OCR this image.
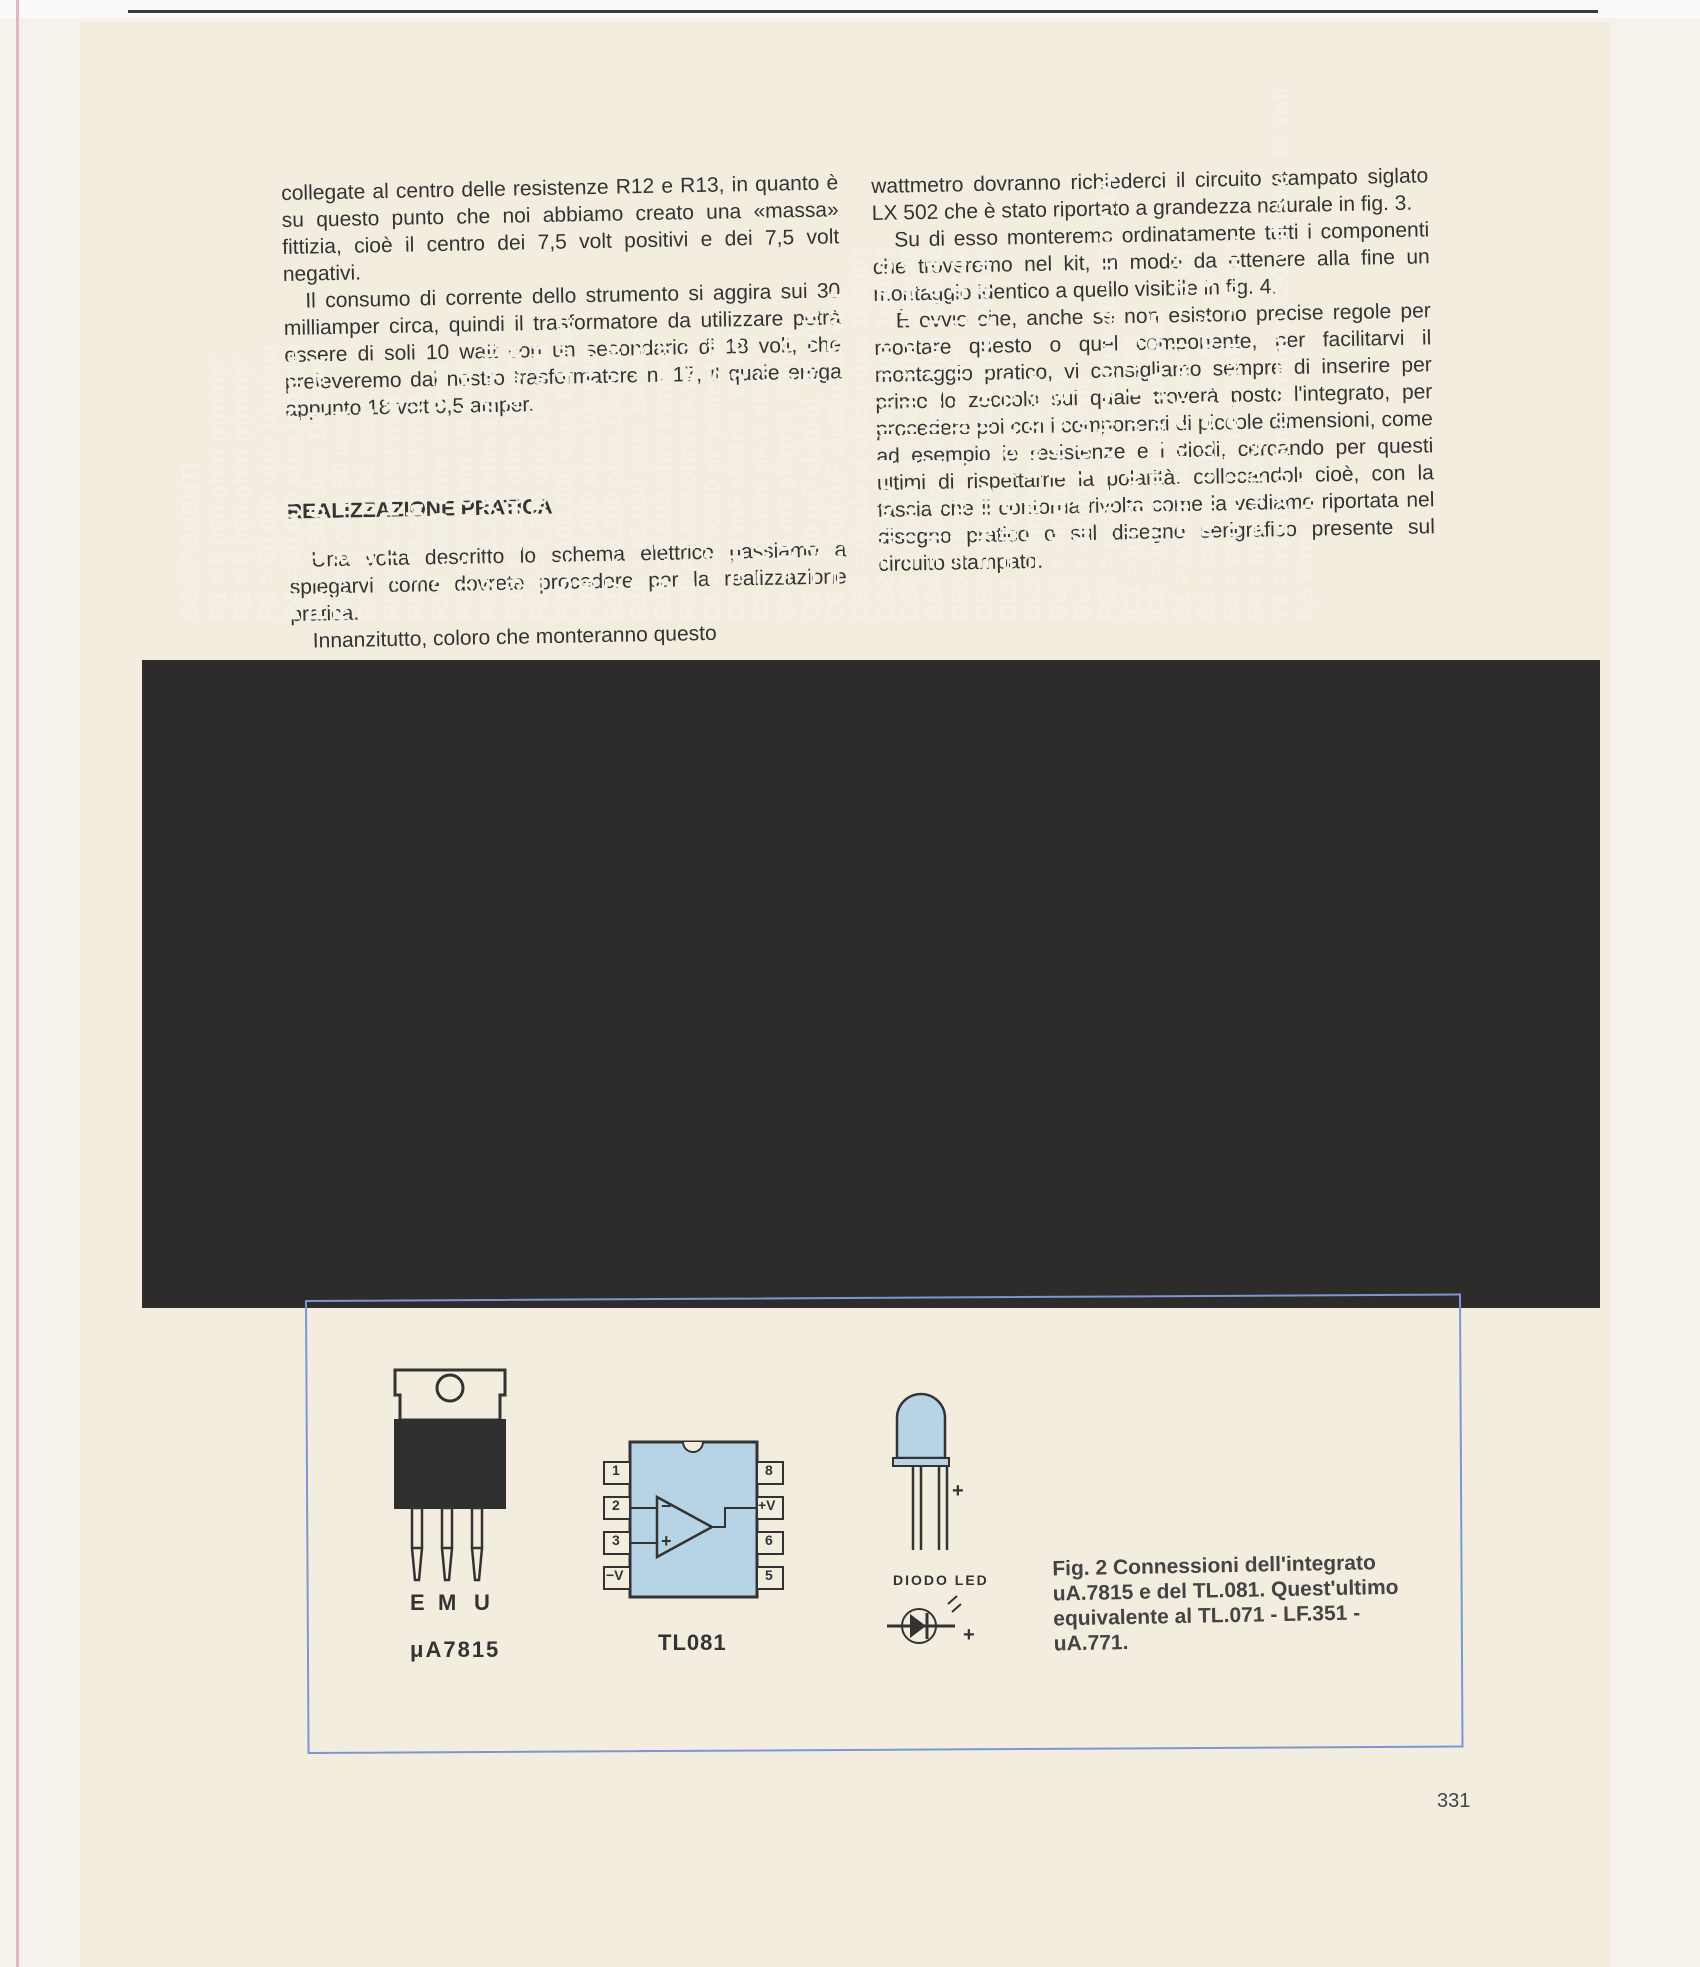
collegate al centro delle resistenze R12 e R13, in quanto è su questo punto che noi abbiamo creato una «massa» fittizia, cioè il centro dei 7,5 volt positivi e dei 7,5 volt negativi.

Il consumo di corrente dello strumento si aggira sui 30 milliamper circa, quindi il trasformatore da utilizzare potrà essere di soli 10 watt con un secondario di 18 volt, che preleveremo dal nostro trasformatore n. 17, il quale eroga appunto 18 volt 0,5 amper.

REALIZZAZIONE PRATICA

Una volta descritto lo schema elettrico passiamo a spiegarvi come dovrete procedere per la realizzazione pratica.

Innanzitutto, coloro che monteranno questo

wattmetro dovranno richiederci il circuito stampato siglato LX 502 che è stato riportato a grandezza naturale in fig. 3.

Su di esso monteremo ordinatamente tutti i componenti che troveremo nel kit, in modo da ottenere alla fine un montaggio identico a quello visibile in fig. 4.

È ovvio che, anche se non esistono precise regole per montare questo o quel componente, per facilitarvi il montaggio pratico, vi consigliamo sempre di inserire per primo lo zoccolo sul quale troverà posto l'integrato, per procedere poi con i componenti di piccole dimensioni, come ad esempio le resistenze e i diodi, cercando per questi ultimi di rispettarne la polarità, collocandoli cioè, con la fascia che li contorna rivolta come la vediamo riportata nel disegno pratico o sul disegno serigrafico presente sul circuito stampato.

COMPONENTI R1 = 5.000 ohm trimmer
R2 = 5.000 ohm trimmer
R3 = 50.000 ohm trimmer
R4 = 50.000 ohm trimmer
R5 = 1.500 ohm 1/4 watt
R6 = 8 ohm 50 watt
R7 = 8 ohm 50 watt
R8 = 16 ohm 50 watt
R9 = 16 ohm 50 watt
R10 = 680 ohm 1/4 watt
R11 = 680 ohm 1/4 watt
R12 = 2.200 ohm 1/4 watt
R13 = 2.200 ohm 1/4 watt
R14 = 4.700 ohm 1/4 watt
R15 = 100.000 ohm 1/4 watt
R16 = 5.000 ohm trimmer
R17 = 8.200 ohm 1/4 watt
R18 = 15.000 ohm 1/4 watt
R19 = 5.000 ohm trimmer
R20 = 1.000 ohm 1/4 watt
C1 = 470.000 pF poliestere
C2 = 10 mF elettrol. 25 volt
C3 = 100.000 pF a disco
C4 = 10 mF elettrol. 25 volt
C5 = 100 mF elettrol. 25 volt
C6 = 1.000 mF elettrol. 25 volt
DS1 = diodo al silicio tipo 1N4007
DS2 = diodo al silicio tipo 1N4007
DS3 = diodo al silicio tipo 1N4148
DS4 = diodo al silicio tipo 1N4148
DS5 = diodo al silicio tipo 1N4148
DS6 = diodo al silicio tipo 1N4148
DL1 = diodo led verde
DL2 = diodo led rosso
DL3 = diodo led rosso
DL4 = diodo led verde
RS1 = ponte raddrizzatore 40 ÷ 100 V.1A
IC1 = integrato tipo TL081
IC2 = integrato tipo μA 7815
S1 = commutatore 5 tasti 3 + 3 dip.
S2 = commutatore 1 tasto 6 + 6
S3 = commutatore 2 tasti 6 + 6 dip.
S4 = interruttore
T1 = trasformatore primario 220 volt sec. 18 volt
0,5 Amp. n. 94.
E M U
μA7815	TL081
1
2
3
−V
8
+V
6
5
−
+
+
DIODO LED
+
Fig. 2 Connessioni dell'integrato uA.7815 e del TL.081. Quest'ultimo equivalente al TL.071 - LF.351 - uA.771.
331
